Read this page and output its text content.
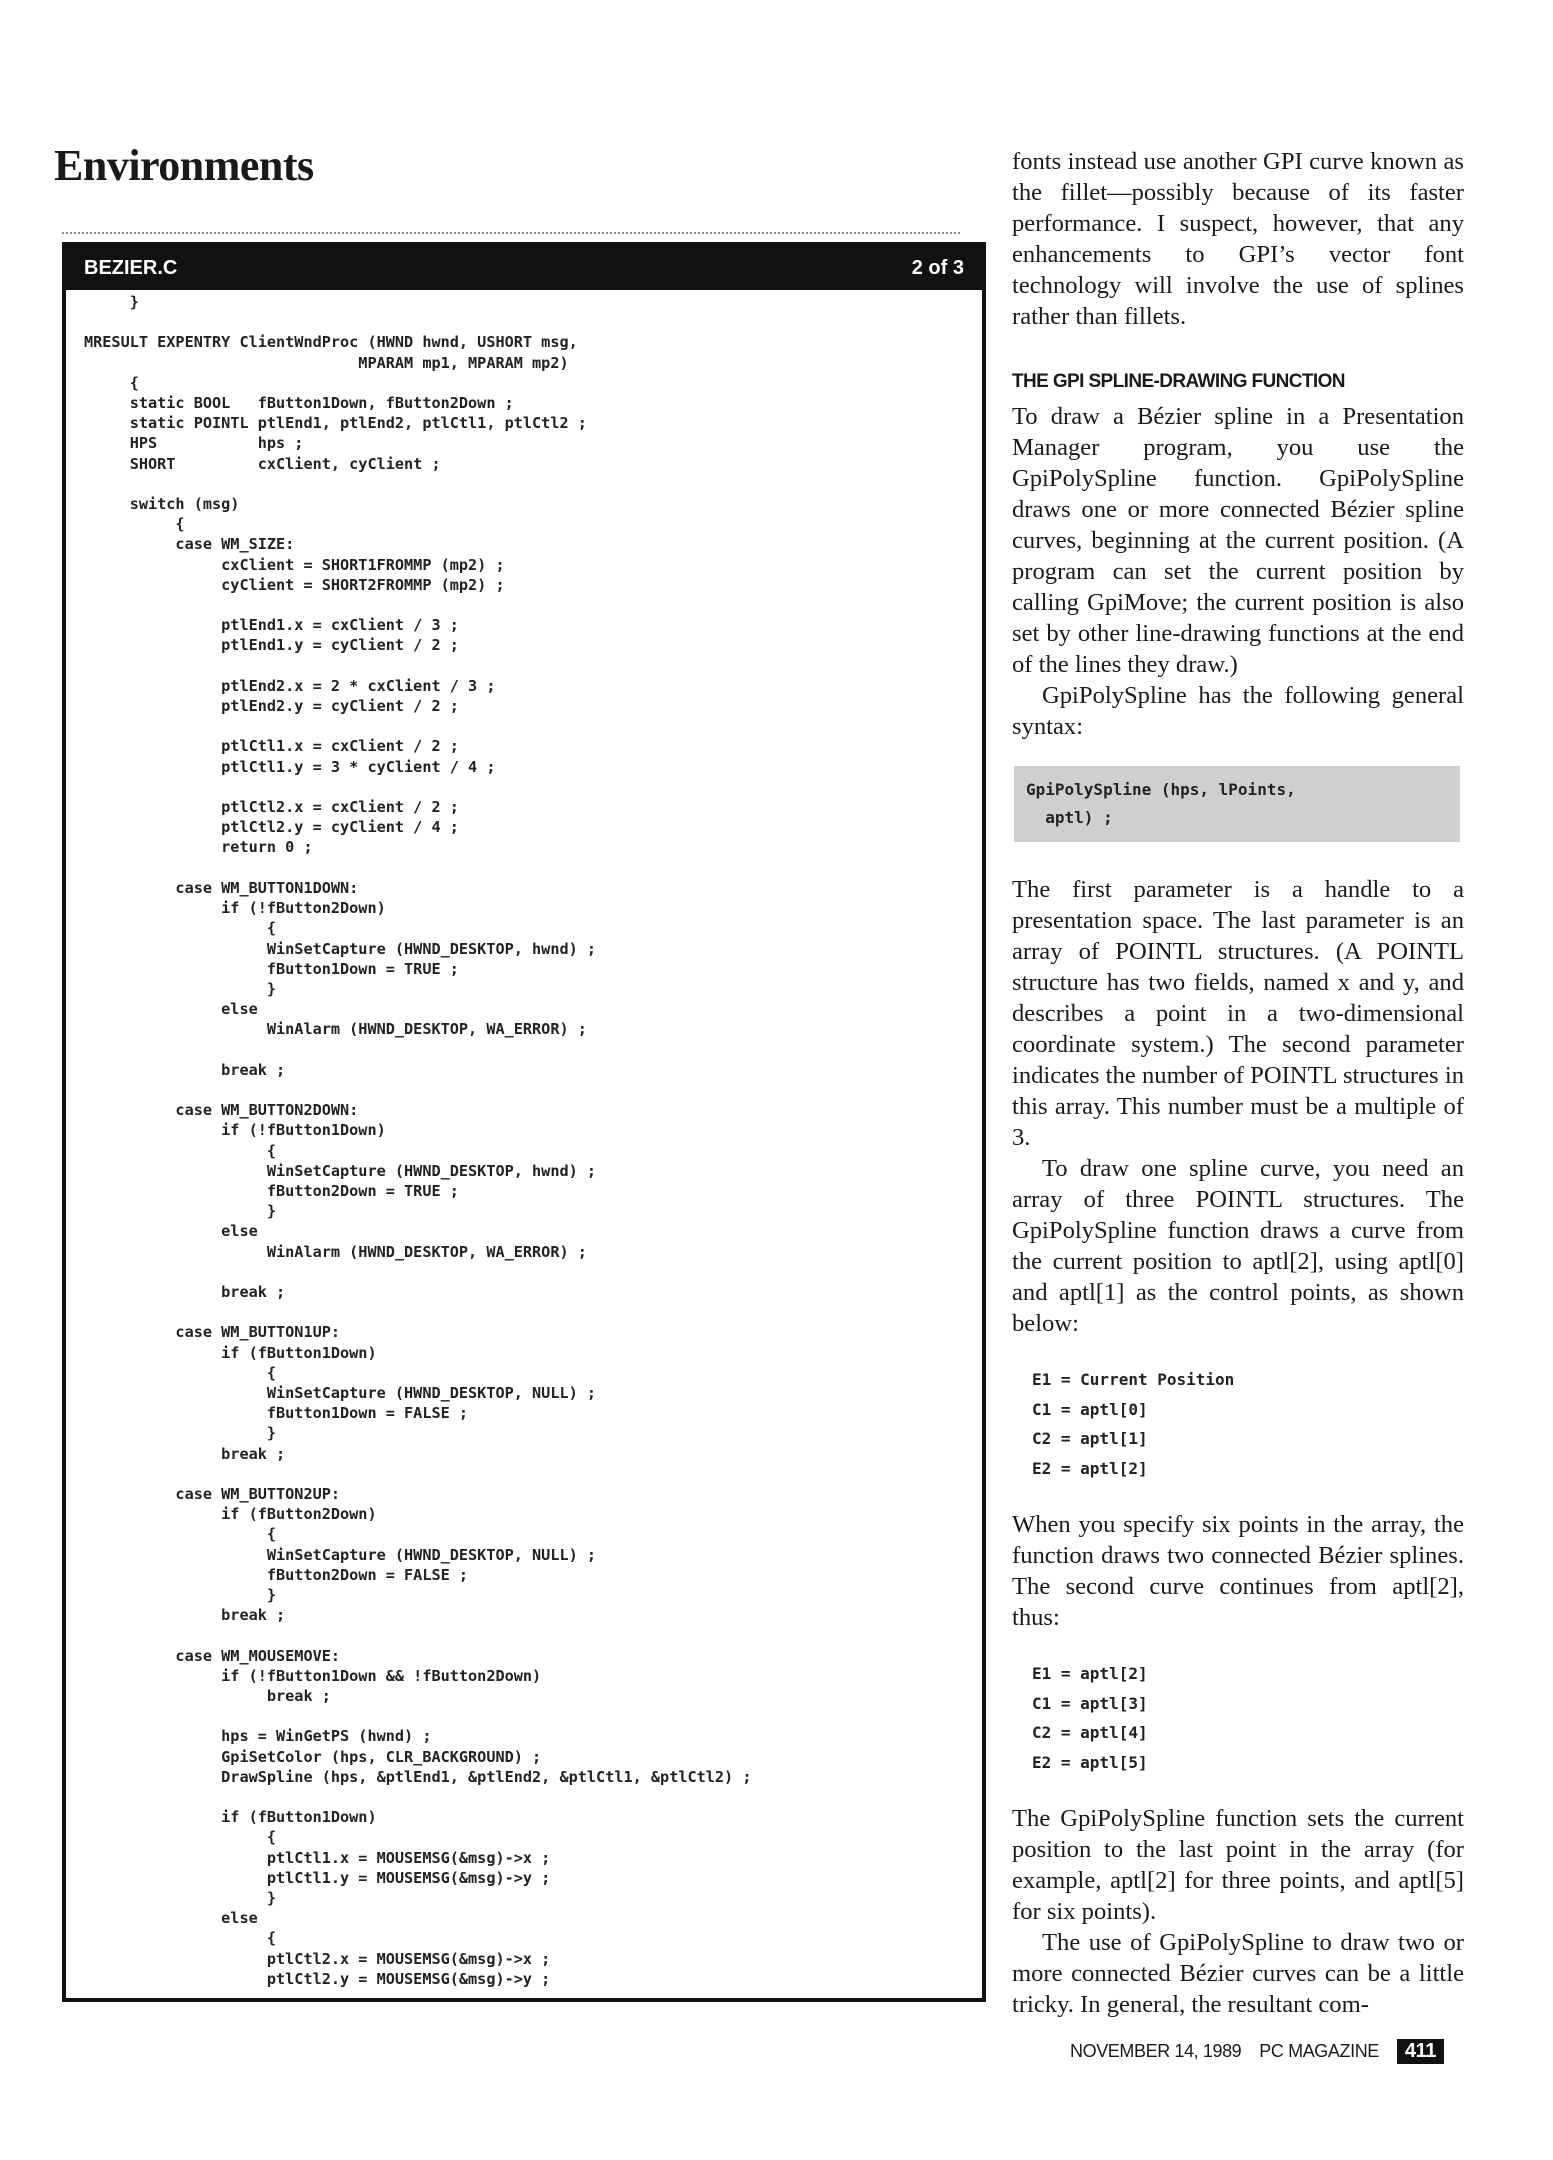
Environments
BEZIER.C	2 of 3
}

MRESULT EXPENTRY ClientWndProc (HWND hwnd, USHORT msg,
MPARAM mp1, MPARAM mp2)
{
static BOOL   fButton1Down, fButton2Down ;
static POINTL ptlEnd1, ptlEnd2, ptlCtl1, ptlCtl2 ;
HPS           hps ;
SHORT         cxClient, cyClient ;

switch (msg)
{
case WM_SIZE:
cxClient = SHORT1FROMMP (mp2) ;
cyClient = SHORT2FROMMP (mp2) ;

ptlEnd1.x = cxClient / 3 ;
ptlEnd1.y = cyClient / 2 ;

ptlEnd2.x = 2 * cxClient / 3 ;
ptlEnd2.y = cyClient / 2 ;

ptlCtl1.x = cxClient / 2 ;
ptlCtl1.y = 3 * cyClient / 4 ;

ptlCtl2.x = cxClient / 2 ;
ptlCtl2.y = cyClient / 4 ;
return 0 ;

case WM_BUTTON1DOWN:
if (!fButton2Down)
{
WinSetCapture (HWND_DESKTOP, hwnd) ;
fButton1Down = TRUE ;
}
else
WinAlarm (HWND_DESKTOP, WA_ERROR) ;

break ;

case WM_BUTTON2DOWN:
if (!fButton1Down)
{
WinSetCapture (HWND_DESKTOP, hwnd) ;
fButton2Down = TRUE ;
}
else
WinAlarm (HWND_DESKTOP, WA_ERROR) ;

break ;

case WM_BUTTON1UP:
if (fButton1Down)
{
WinSetCapture (HWND_DESKTOP, NULL) ;
fButton1Down = FALSE ;
}
break ;

case WM_BUTTON2UP:
if (fButton2Down)
{
WinSetCapture (HWND_DESKTOP, NULL) ;
fButton2Down = FALSE ;
}
break ;

case WM_MOUSEMOVE:
if (!fButton1Down && !fButton2Down)
break ;

hps = WinGetPS (hwnd) ;
GpiSetColor (hps, CLR_BACKGROUND) ;
DrawSpline (hps, &ptlEnd1, &ptlEnd2, &ptlCtl1, &ptlCtl2) ;

if (fButton1Down)
{
ptlCtl1.x = MOUSEMSG(&msg)->x ;
ptlCtl1.y = MOUSEMSG(&msg)->y ;
}
else
{
ptlCtl2.x = MOUSEMSG(&msg)->x ;
ptlCtl2.y = MOUSEMSG(&msg)->y ;

fonts instead use another GPI curve known as the fillet—possibly because of its faster performance. I suspect, however, that any enhancements to GPI’s vector font technology will involve the use of splines rather than fillets.

THE GPI SPLINE-DRAWING FUNCTION

To draw a Bézier spline in a Presentation Manager program, you use the GpiPolySpline function. GpiPolySpline draws one or more connected Bézier spline curves, beginning at the current position. (A program can set the current position by calling GpiMove; the current position is also set by other line-drawing functions at the end of the lines they draw.)

GpiPolySpline has the following general syntax:

GpiPolySpline (hps, lPoints,
aptl) ;

The first parameter is a handle to a presentation space. The last parameter is an array of POINTL structures. (A POINTL structure has two fields, named x and y, and describes a point in a two-dimensional coordinate system.) The second parameter indicates the number of POINTL structures in this array. This number must be a multiple of 3.

To draw one spline curve, you need an array of three POINTL structures. The GpiPolySpline function draws a curve from the current position to aptl[2], using aptl[0] and aptl[1] as the control points, as shown below:

E1 = Current Position
C1 = aptl[0]
C2 = aptl[1]
E2 = aptl[2]

When you specify six points in the array, the function draws two connected Bézier splines. The second curve continues from aptl[2], thus:

E1 = aptl[2]
C1 = aptl[3]
C2 = aptl[4]
E2 = aptl[5]

The GpiPolySpline function sets the current position to the last point in the array (for example, aptl[2] for three points, and aptl[5] for six points).

The use of GpiPolySpline to draw two or more connected Bézier curves can be a little tricky. In general, the resultant com-

NOVEMBER 14, 1989 PC MAGAZINE	411
